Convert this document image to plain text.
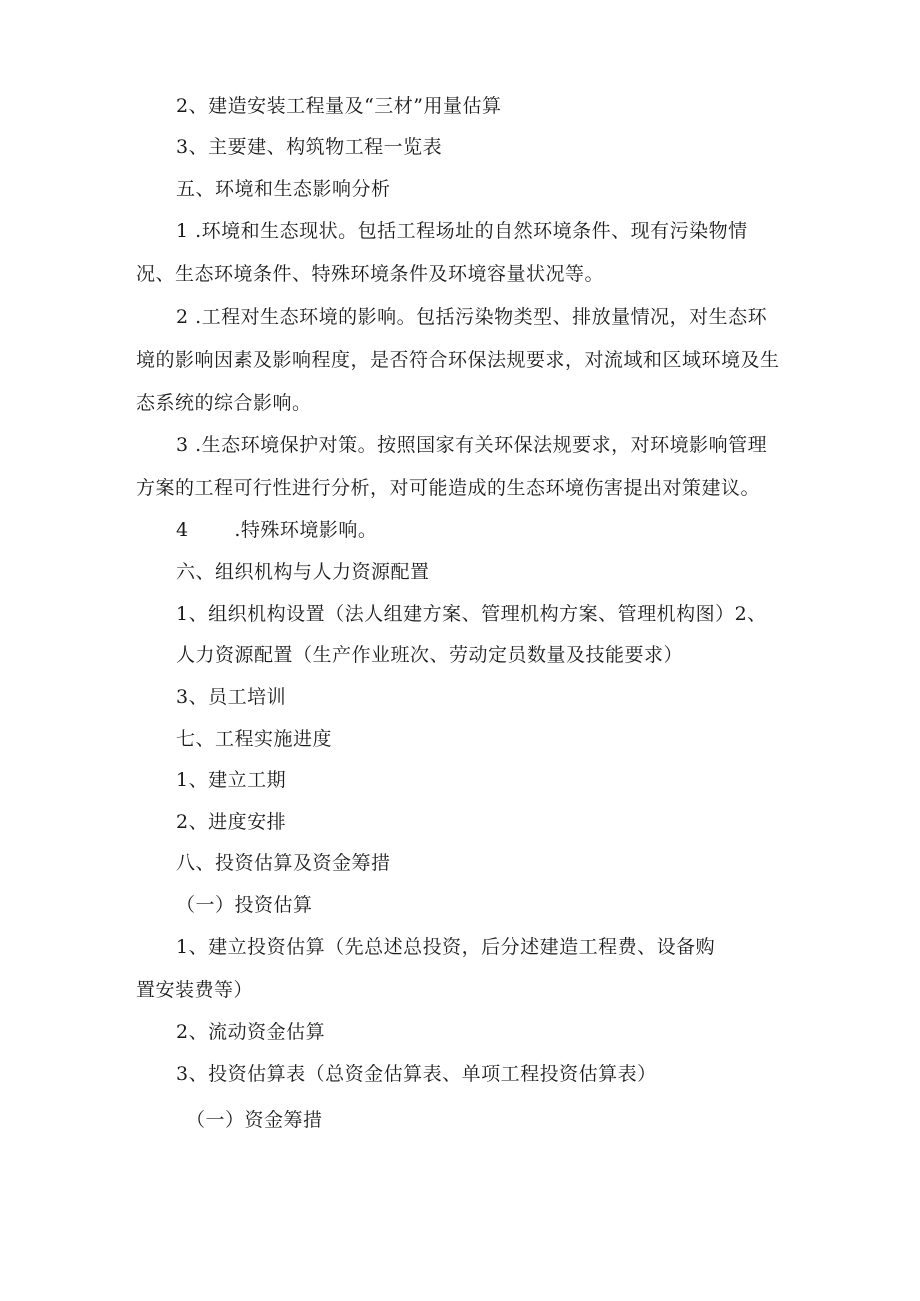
2、建造安装工程量及“三材”用量估算
3、主要建、构筑物工程一览表
五、环境和生态影响分析
1 .环境和生态现状。包括工程场址的自然环境条件、现有污染物情
况、生态环境条件、特殊环境条件及环境容量状况等。
2 .工程对生态环境的影响。包括污染物类型、排放量情况，对生态环
境的影响因素及影响程度，是否符合环保法规要求，对流域和区域环境及生
态系统的综合影响。
3 .生态环境保护对策。按照国家有关环保法规要求，对环境影响管理
方案的工程可行性进行分析，对可能造成的生态环境伤害提出对策建议。
4       .特殊环境影响。
六、组织机构与人力资源配置
1、组织机构设置（法人组建方案、管理机构方案、管理机构图）2、
人力资源配置（生产作业班次、劳动定员数量及技能要求）
3、员工培训
七、工程实施进度
1、建立工期
2、进度安排
八、投资估算及资金筹措
（一）投资估算
1、建立投资估算（先总述总投资，后分述建造工程费、设备购
置安装费等）
2、流动资金估算
3、投资估算表（总资金估算表、单项工程投资估算表）
（一）资金筹措
